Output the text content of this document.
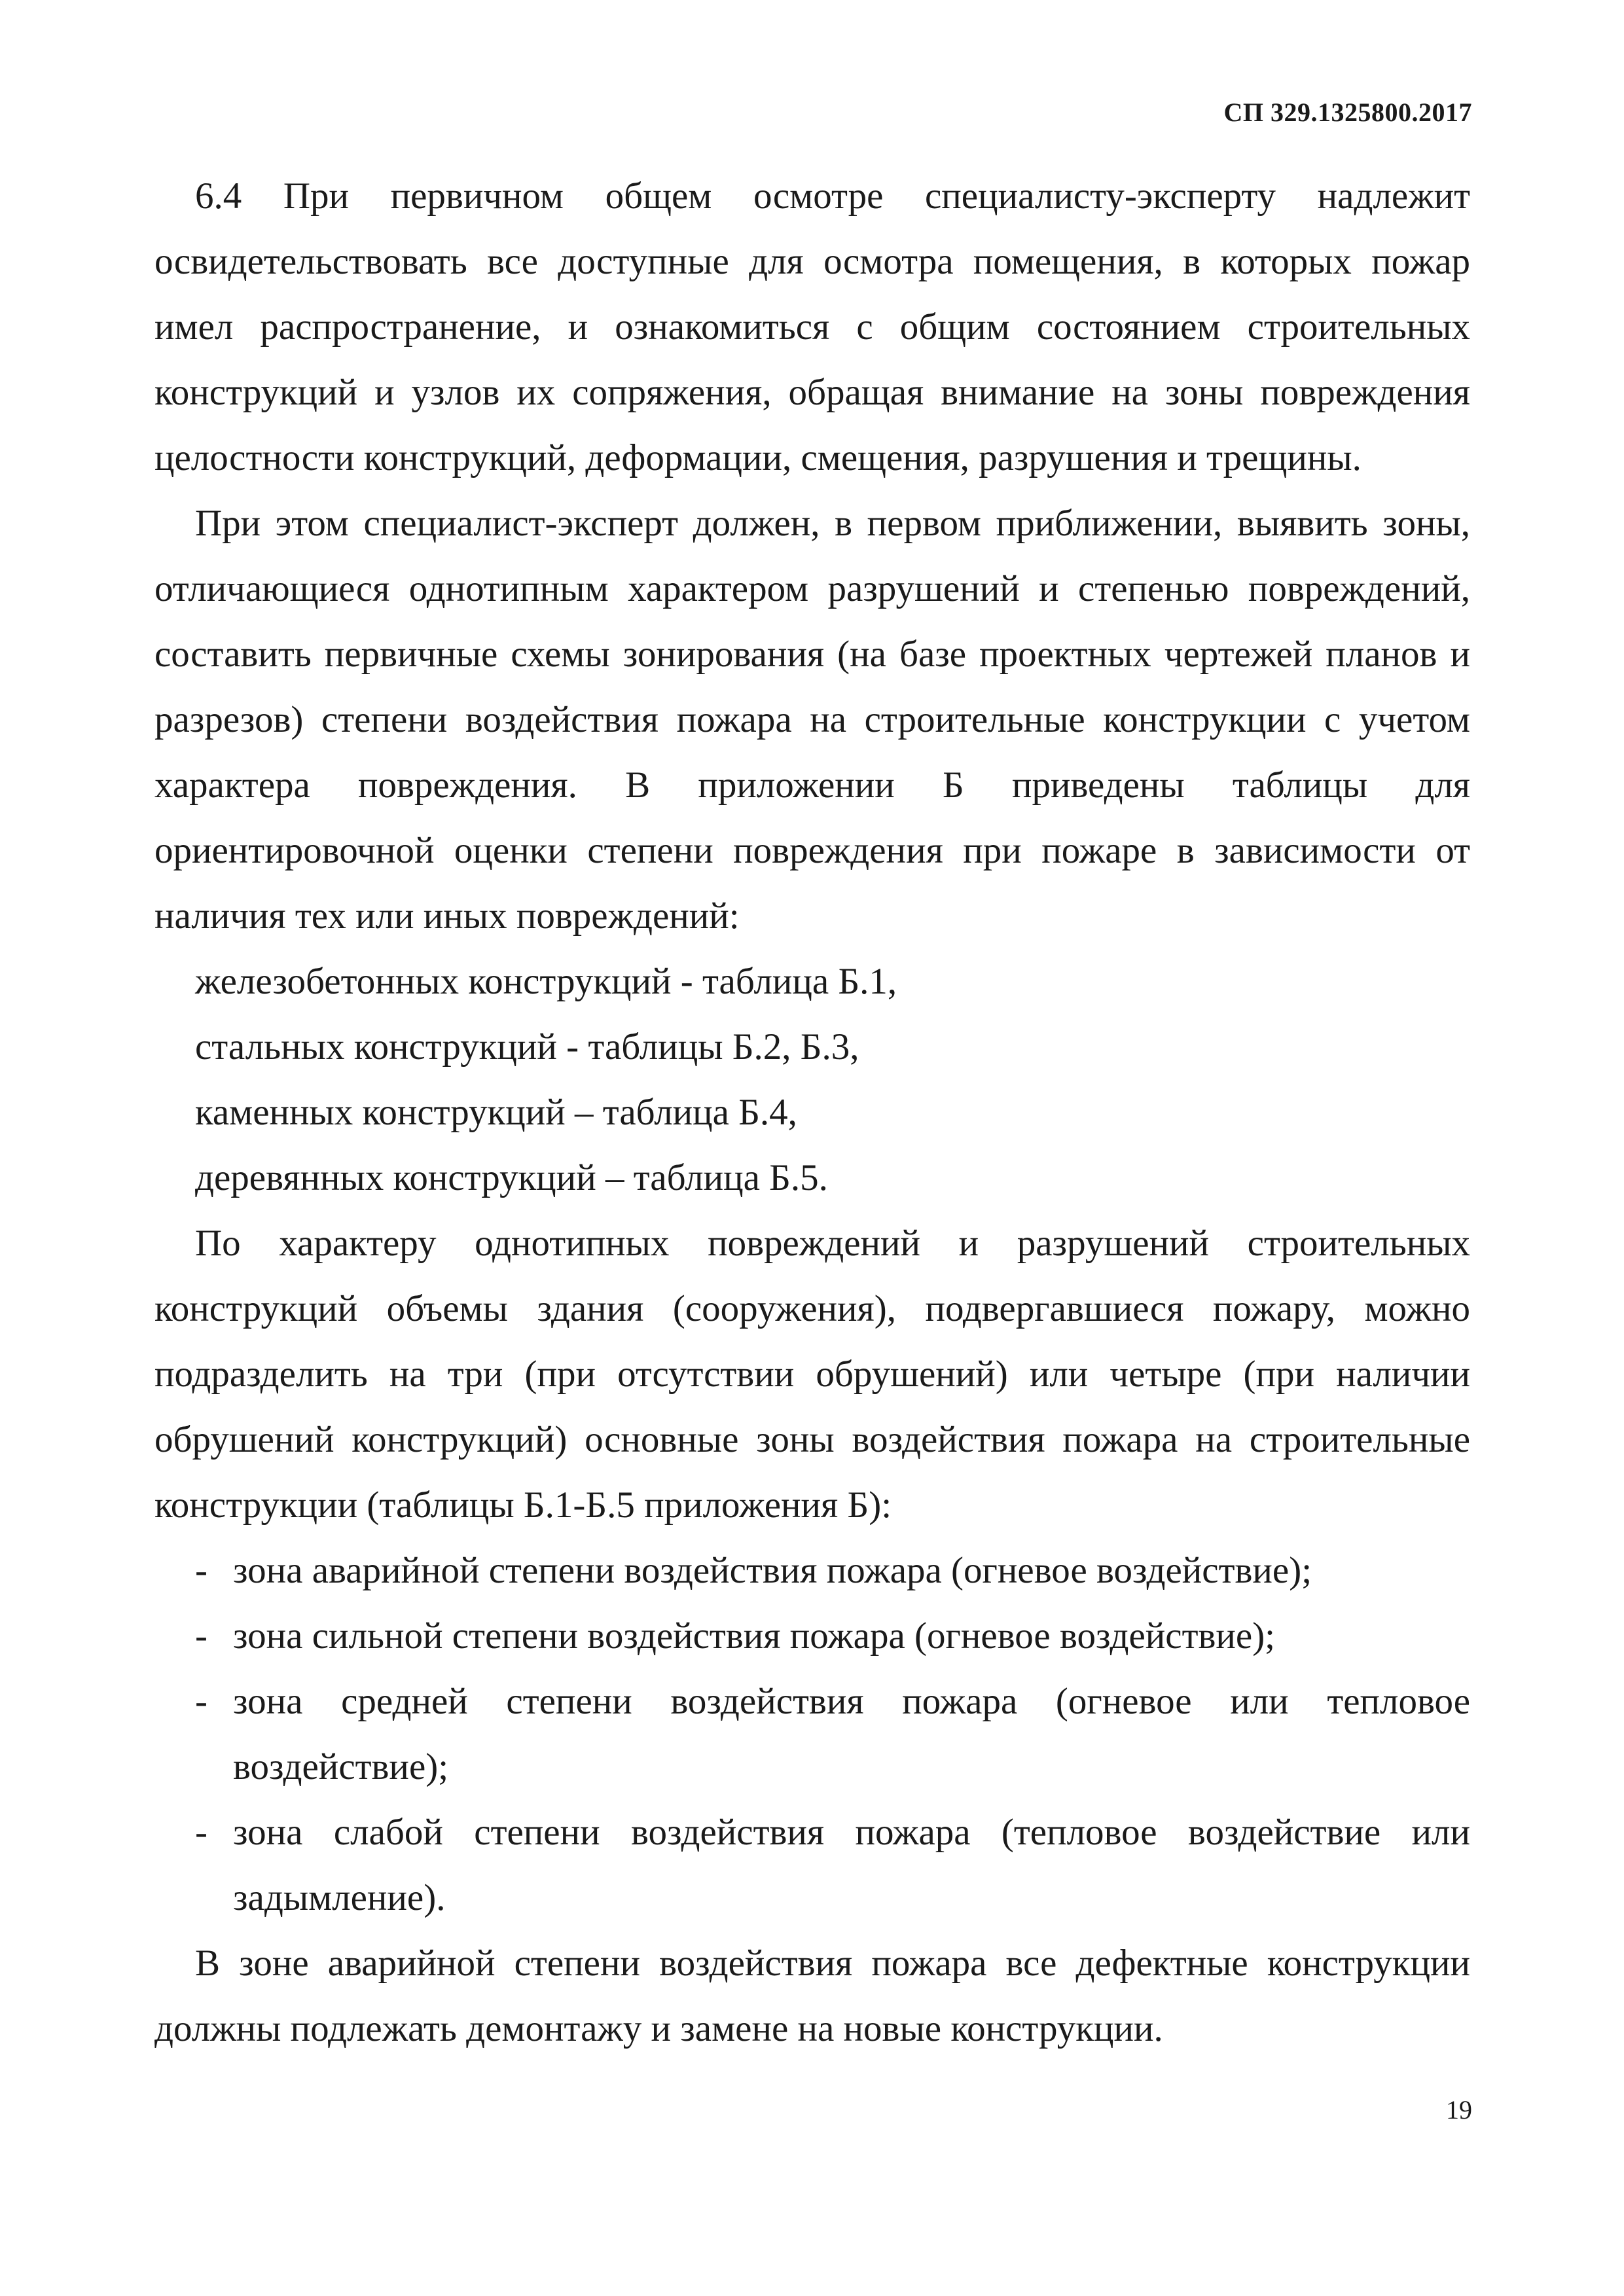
СП 329.1325800.2017

6.4 При первичном общем осмотре специалисту-эксперту надлежит освидетельствовать все доступные для осмотра помещения, в которых пожар имел распространение, и ознакомиться с общим состоянием строительных конструкций и узлов их сопряжения, обращая внимание на зоны повреждения целостности конструкций, деформации, смещения, разрушения и трещины.

При этом специалист-эксперт должен, в первом приближении, выявить зоны, отличающиеся однотипным характером разрушений и степенью повреждений, составить первичные схемы зонирования (на базе проектных чертежей планов и разрезов) степени воздействия пожара на строительные конструкции с учетом характера повреждения. В приложении Б приведены таблицы для ориентировочной оценки степени повреждения при пожаре в зависимости от наличия тех или иных повреждений:

железобетонных конструкций - таблица Б.1,

стальных конструкций - таблицы Б.2, Б.3,

каменных конструкций – таблица Б.4,

деревянных конструкций – таблица Б.5.

По характеру однотипных повреждений и разрушений строительных конструкций объемы здания (сооружения), подвергавшиеся пожару, можно подразделить на три (при отсутствии обрушений) или четыре (при наличии обрушений конструкций) основные зоны воздействия пожара на строительные конструкции (таблицы Б.1-Б.5 приложения Б):

- зона аварийной степени воздействия пожара (огневое воздействие);

- зона сильной степени воздействия пожара (огневое воздействие);

- зона средней степени воздействия пожара (огневое или тепловое воздействие);

- зона слабой степени воздействия пожара (тепловое воздействие или задымление).

В зоне аварийной степени воздействия пожара все дефектные конструкции должны подлежать демонтажу и замене на новые конструкции.

19
